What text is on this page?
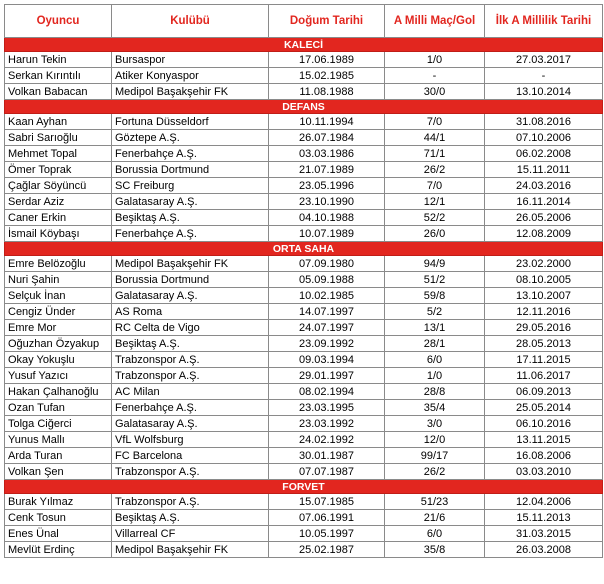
Oyuncu	Kulübü	Doğum Tarihi	A Milli Maç/Gol	İlk A Millilik Tarihi
KALECİ				
Harun Tekin	Bursaspor	17.06.1989	1/0	27.03.2017
Serkan Kırıntılı	Atiker Konyaspor	15.02.1985	-	-
Volkan Babacan	Medipol Başakşehir FK	11.08.1988	30/0	13.10.2014
DEFANS				
Kaan Ayhan	Fortuna Düsseldorf	10.11.1994	7/0	31.08.2016
Sabri Sarıoğlu	Göztepe A.Ş.	26.07.1984	44/1	07.10.2006
Mehmet Topal	Fenerbahçe A.Ş.	03.03.1986	71/1	06.02.2008
Ömer Toprak	Borussia Dortmund	21.07.1989	26/2	15.11.2011
Çağlar Söyüncü	SC Freiburg	23.05.1996	7/0	24.03.2016
Serdar Aziz	Galatasaray A.Ş.	23.10.1990	12/1	16.11.2014
Caner Erkin	Beşiktaş A.Ş.	04.10.1988	52/2	26.05.2006
İsmail Köybaşı	Fenerbahçe A.Ş.	10.07.1989	26/0	12.08.2009
ORTA SAHA				
Emre Belözoğlu	Medipol Başakşehir FK	07.09.1980	94/9	23.02.2000
Nuri Şahin	Borussia Dortmund	05.09.1988	51/2	08.10.2005
Selçuk İnan	Galatasaray A.Ş.	10.02.1985	59/8	13.10.2007
Cengiz Ünder	AS Roma	14.07.1997	5/2	12.11.2016
Emre Mor	RC Celta de Vigo	24.07.1997	13/1	29.05.2016
Oğuzhan Özyakup	Beşiktaş A.Ş.	23.09.1992	28/1	28.05.2013
Okay Yokuşlu	Trabzonspor A.Ş.	09.03.1994	6/0	17.11.2015
Yusuf Yazıcı	Trabzonspor A.Ş.	29.01.1997	1/0	11.06.2017
Hakan Çalhanoğlu	AC Milan	08.02.1994	28/8	06.09.2013
Ozan Tufan	Fenerbahçe A.Ş.	23.03.1995	35/4	25.05.2014
Tolga Ciğerci	Galatasaray A.Ş.	23.03.1992	3/0	06.10.2016
Yunus Mallı	VfL Wolfsburg	24.02.1992	12/0	13.11.2015
Arda Turan	FC Barcelona	30.01.1987	99/17	16.08.2006
Volkan Şen	Trabzonspor A.Ş.	07.07.1987	26/2	03.03.2010
FORVET				
Burak Yılmaz	Trabzonspor A.Ş.	15.07.1985	51/23	12.04.2006
Cenk Tosun	Beşiktaş A.Ş.	07.06.1991	21/6	15.11.2013
Enes Ünal	Villarreal CF	10.05.1997	6/0	31.03.2015
Mevlüt Erdinç	Medipol Başakşehir FK	25.02.1987	35/8	26.03.2008
